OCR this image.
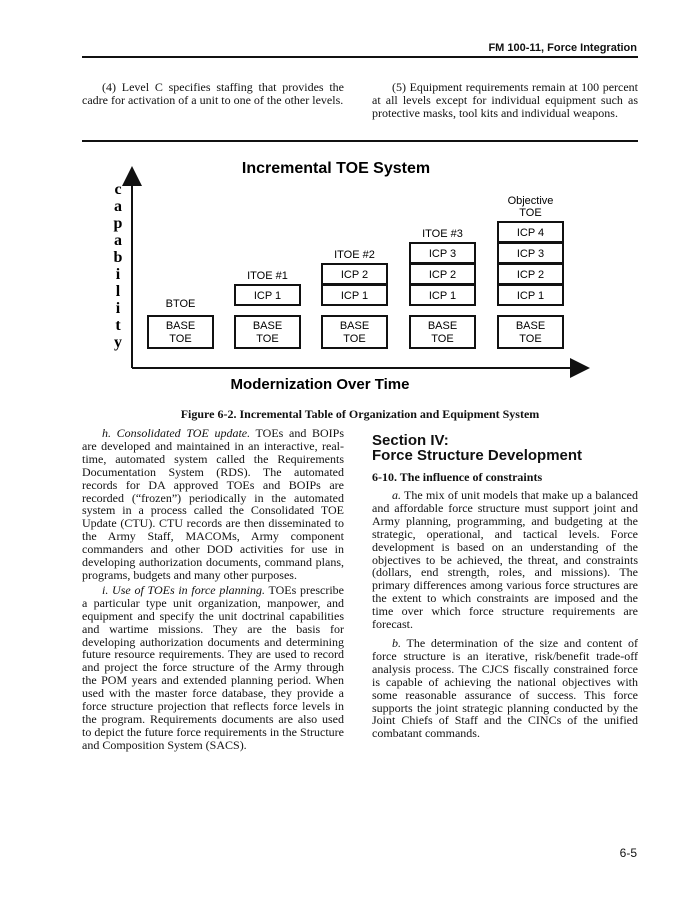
FM 100-11, Force Integration
(4) Level C specifies staffing that provides the cadre for activation of a unit to one of the other levels.
(5) Equipment requirements remain at 100 percent at all levels except for individual equipment such as protective masks, tool kits and individual weapons.
Incremental TOE System
c
a
p
a
b
i
l
i
t
y
Modernization Over Time
BASE
TOE
BTOE
BASE
TOE
ICP 1
ITOE #1
BASE
TOE
ICP 1
ICP 2
ITOE #2
BASE
TOE
ICP 1
ICP 2
ICP 3
ITOE #3
BASE
TOE
ICP 1
ICP 2
ICP 3
ICP 4
Objective
TOE
Figure 6-2. Incremental Table of Organization and Equipment System
h. Consolidated TOE update. TOEs and BOIPs are developed and maintained in an interactive, real-time, automated system called the Requirements Documentation System (RDS). The automated records for DA approved TOEs and BOIPs are recorded (“frozen”) periodically in the automated system in a process called the Consolidated TOE Update (CTU). CTU records are then disseminated to the Army Staff, MACOMs, Army component commanders and other DOD activities for use in developing authorization documents, command plans, programs, budgets and many other purposes.
i. Use of TOEs in force planning. TOEs prescribe a particular type unit organization, manpower, and equipment and specify the unit doctrinal capabilities and wartime missions. They are the basis for developing authorization documents and determining future resource requirements. They are used to record and project the force structure of the Army through the POM years and extended planning period. When used with the master force database, they provide a force structure projection that reflects force levels in the program. Requirements documents are also used to depict the future force requirements in the Structure and Composition System (SACS).
Section IV:
Force Structure Development
6-10. The influence of constraints
a. The mix of unit models that make up a balanced and affordable force structure must support joint and Army planning, programming, and budgeting at the strategic, operational, and tactical levels. Force development is based on an understanding of the objectives to be achieved, the threat, and constraints (dollars, end strength, roles, and missions). The primary differences among various force structures are the extent to which constraints are imposed and the time over which force structure requirements are forecast.
b. The determination of the size and content of force structure is an iterative, risk/benefit trade-off analysis process. The CJCS fiscally constrained force is capable of achieving the national objectives with some reasonable assurance of success. This force supports the joint strategic planning conducted by the Joint Chiefs of Staff and the CINCs of the unified combatant commands.
6-5
